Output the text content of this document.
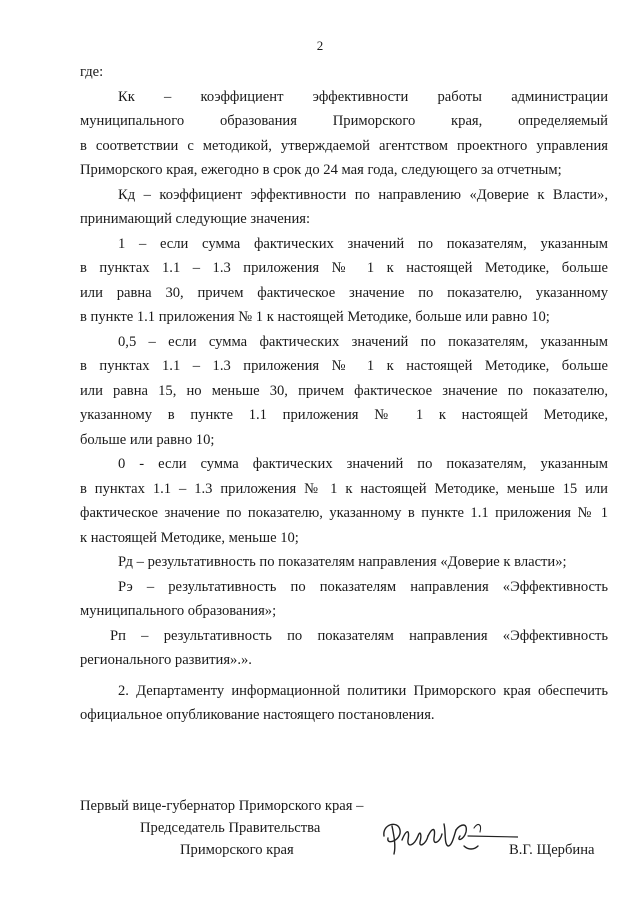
2

где:

Кк – коэффициент эффективности работы администрации
муниципального образования Приморского края, определяемый
в соответствии с методикой, утверждаемой агентством проектного управления
Приморского края, ежегодно в срок до 24 мая года, следующего за отчетным;

Кд – коэффициент эффективности по направлению «Доверие к Власти»,
принимающий следующие значения:

1 – если сумма фактических значений по показателям, указанным
в пунктах 1.1 – 1.3 приложения № 1 к настоящей Методике, больше
или равна 30, причем фактическое значение по показателю, указанному
в пункте 1.1 приложения № 1 к настоящей Методике, больше или равно 10;

0,5 – если сумма фактических значений по показателям, указанным
в пунктах 1.1 – 1.3 приложения № 1 к настоящей Методике, больше
или равна 15, но меньше 30, причем фактическое значение по показателю,
указанному в пункте 1.1 приложения № 1 к настоящей Методике,
больше или равно 10;

0 - если сумма фактических значений по показателям, указанным
в пунктах 1.1 – 1.3 приложения № 1 к настоящей Методике, меньше 15 или
фактическое значение по показателю, указанному в пункте 1.1 приложения № 1
к настоящей Методике, меньше 10;

Рд – результативность по показателям направления «Доверие к власти»;

Рэ – результативность по показателям направления «Эффективность
муниципального образования»;

Рп – результативность по показателям направления «Эффективность
регионального развития».».

2. Департаменту информационной политики Приморского края обеспечить
официальное опубликование настоящего постановления.

Первый вице-губернатор Приморского края –
Председатель Правительства
Приморского края	В.Г. Щербина
